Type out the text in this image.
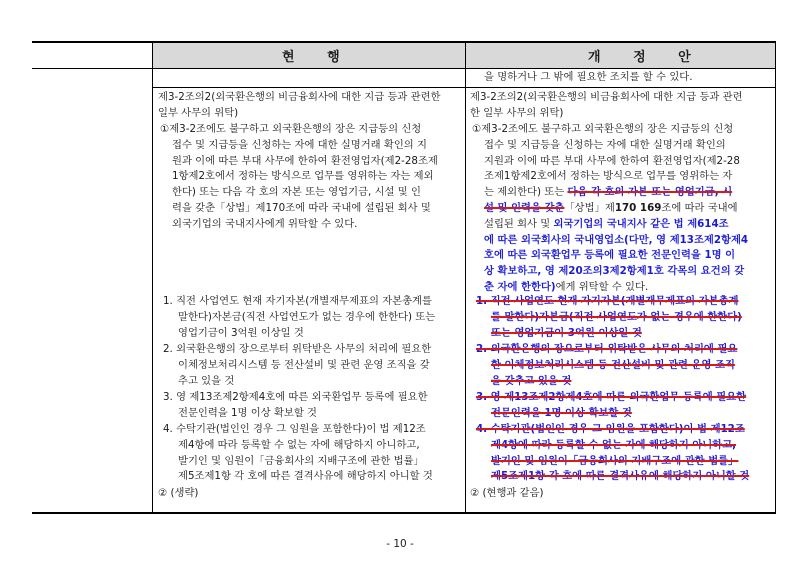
현 행	개 정 안
제3-2조의2(외국환은행의 비금융회사에 대한 지급 등과 관련한
일부 사무의 위탁)
①제3-2조에도 불구하고 외국환은행의 장은 지급등의 신청
접수 및 지급등을 신청하는 자에 대한 실명거래 확인의 지
원과 이에 따른 부대 사무에 한하여 환전영업자(제2-28조제
1항제2호에서 정하는 방식으로 업무를 영위하는 자는 제외
한다) 또는 다음 각 호의 자본 또는 영업기금, 시설 및 인
력을 갖춘「상법」제170조에 따라 국내에 설립된 회사 및
외국기업의 국내지사에게 위탁할 수 있다.
1. 직전 사업연도 현재 자기자본(개별재무제표의 자본총계를
말한다)자본금(직전 사업연도가 없는 경우에 한한다) 또는
영업기금이 3억원 이상일 것
2. 외국환은행의 장으로부터 위탁받은 사무의 처리에 필요한
이체정보처리시스템 등 전산설비 및 관련 운영 조직을 갖
추고 있을 것
3. 영 제13조제2항제4호에 따른 외국환업무 등록에 필요한
전문인력을 1명 이상 확보할 것
4. 수탁기관(법인인 경우 그 임원을 포함한다)이 법 제12조
제4항에 따라 등록할 수 없는 자에 해당하지 아니하고,
발기인 및 임원이「금융회사의 지배구조에 관한 법률」
제5조제1항 각 호에 따른 결격사유에 해당하지 아니할 것
② (생략)
을 명하거나 그 밖에 필요한 조치를 할 수 있다.
제3-2조의2(외국환은행의 비금융회사에 대한 지급 등과 관련
한 일부 사무의 위탁)
①제3-2조에도 불구하고 외국환은행의 장은 지급등의 신청
접수 및 지급등을 신청하는 자에 대한 실명거래 확인의
지원과 이에 따른 부대 사무에 한하여 환전영업자(제2-28
조제1항제2호에서 정하는 방식으로 업무를 영위하는 자
는 제외한다) 또는 다음 각 호의 자본 또는 영업기금, 시
설 및 인력을 갖춘「상법」제170 169조에 따라 국내에
설립된 회사 및 외국기업의 국내지사 같은 법 제614조
에 따른 외국회사의 국내영업소(다만, 영 제13조제2항제4
호에 따른 외국환업무 등록에 필요한 전문인력을 1명 이
상 확보하고, 영 제20조의3제2항제1호 각목의 요건의 갖
춘 자에 한한다)에게 위탁할 수 있다.
1. 직전 사업연도 현재 자기자본(개별재무제표의 자본총계
를 말한다)자본금(직전 사업연도가 없는 경우에 한한다)
또는 영업기금이 3억원 이상일 것
2. 외국환은행의 장으로부터 위탁받은 사무의 처리에 필요
한 이체정보처리시스템 등 전산설비 및 관련 운영 조직
을 갖추고 있을 것
3. 영 제13조제2항제4호에 따른 외국환업무 등록에 필요한
전문인력을 1명 이상 확보할 것
4. 수탁기관(법인인 경우 그 임원을 포함한다)이 법 제12조
제4항에 따라 등록할 수 없는 자에 해당하지 아니하고,
발기인 및 임원이「금융회사의 지배구조에 관한 법률」
제5조제1항 각 호에 따른 결격사유에 해당하지 아니할 것
② (현행과 같음)
- 10 -
